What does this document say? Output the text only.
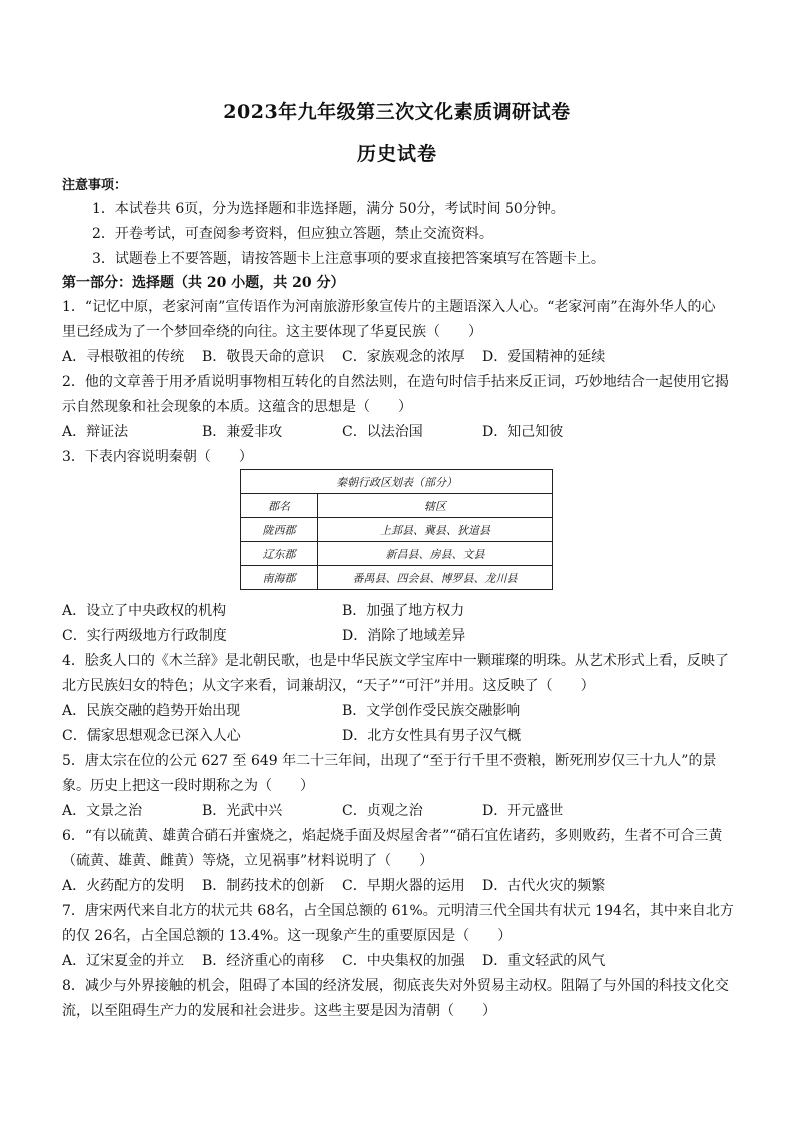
2023年九年级第三次文化素质调研试卷
历史试卷
注意事项：
1．本试卷共 6页，分为选择题和非选择题，满分 50分，考试时间 50分钟。
2．开卷考试，可查阅参考资料，但应独立答题，禁止交流资料。
3．试题卷上不要答题，请按答题卡上注意事项的要求直接把答案填写在答题卡上。
第一部分：选择题（共 20 小题，共 20 分）
1．“记忆中原，老家河南”宣传语作为河南旅游形象宣传片的主题语深入人心。“老家河南”在海外华人的心
里已经成为了一个梦回牵绕的向往。这主要体现了华夏民族（　　）
A．寻根敬祖的传统 B．敬畏天命的意识 C．家族观念的浓厚 D．爱国精神的延续
2．他的文章善于用矛盾说明事物相互转化的自然法则，在造句时信手拈来反正词，巧妙地结合一起使用它揭
示自然现象和社会现象的本质。这蕴含的思想是（　　）
A．辩证法	B．兼爱非攻	C．以法治国	D．知己知彼
3．下表内容说明秦朝（　　）
秦朝行政区划表（部分）	
郡名	辖区
陇西郡	上邽县、冀县、狄道县
辽东郡	新昌县、房县、文县
南海郡	番禺县、四会县、博罗县、龙川县
A．设立了中央政权的机构	B．加强了地方权力
C．实行两级地方行政制度	D．消除了地域差异
4．脍炙人口的《木兰辞》是北朝民歌，也是中华民族文学宝库中一颗璀璨的明珠。从艺术形式上看，反映了
北方民族妇女的特色；从文字来看，词兼胡汉，“天子”“可汗”并用。这反映了（　　）
A．民族交融的趋势开始出现	B．文学创作受民族交融影响
C．儒家思想观念已深入人心	D．北方女性具有男子汉气概
5．唐太宗在位的公元 627 至 649 年二十三年间，出现了“至于行千里不赍粮，断死刑岁仅三十九人”的景
象。历史上把这一段时期称之为（　　）
A．文景之治	B．光武中兴	C．贞观之治	D．开元盛世
6．“有以硫黄、雄黄合硝石并蜜烧之，焰起烧手面及烬屋舍者”“硝石宜佐诸药，多则败药，生者不可合三黄
（硫黄、雄黄、雌黄）等烧，立见祸事”材料说明了（　　）
A．火药配方的发明 B．制药技术的创新 C．早期火器的运用 D．古代火灾的频繁
7．唐宋两代来自北方的状元共 68名，占全国总额的 61%。元明清三代全国共有状元 194名，其中来自北方
的仅 26名，占全国总额的 13.4%。这一现象产生的重要原因是（　　）
A．辽宋夏金的并立 B．经济重心的南移 C．中央集权的加强 D．重文轻武的风气
8．减少与外界接触的机会，阻碍了本国的经济发展，彻底丧失对外贸易主动权。阻隔了与外国的科技文化交
流，以至阻碍生产力的发展和社会进步。这些主要是因为清朝（　　）
